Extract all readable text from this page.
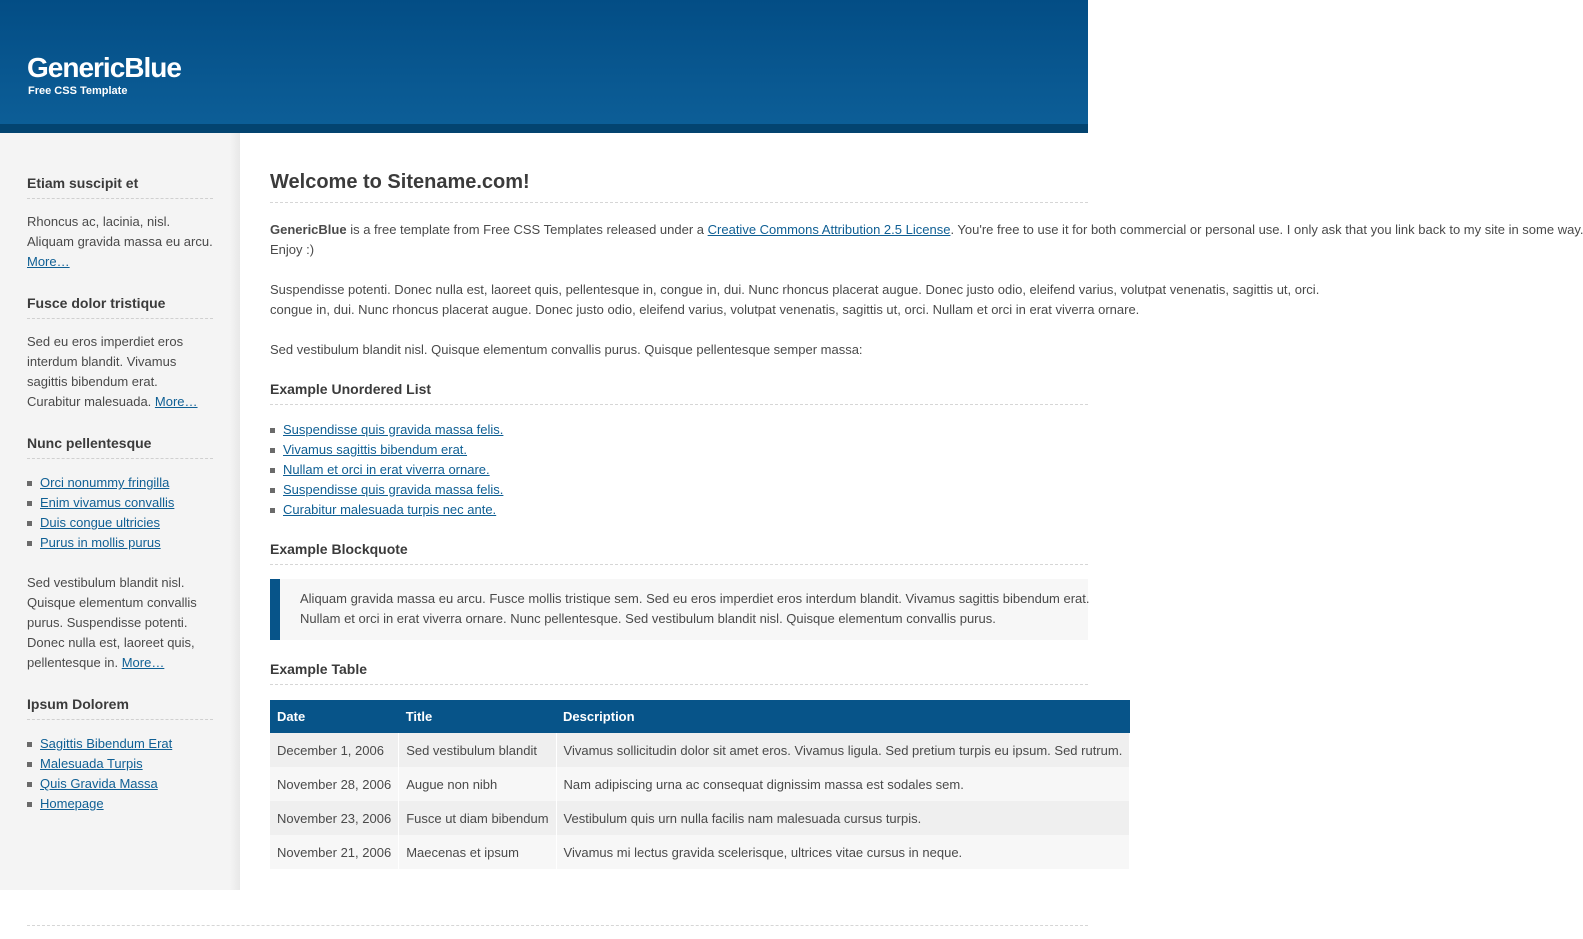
GenericBlue
Free CSS Template
Etiam suscipit et

Rhoncus ac, lacinia, nisl. Aliquam gravida massa eu arcu. More…

Fusce dolor tristique

Sed eu eros imperdiet eros interdum blandit. Vivamus sagittis bibendum erat. Curabitur malesuada. More…

Nunc pellentesque
Orci nonummy fringilla
Enim vivamus convallis
Duis congue ultricies
Purus in mollis purus

Sed vestibulum blandit nisl. Quisque elementum convallis purus. Suspendisse potenti. Donec nulla est, laoreet quis, pellentesque in. More…

Ipsum Dolorem
Sagittis Bibendum Erat
Malesuada Turpis
Quis Gravida Massa
Homepage
Welcome to Sitename.com!

GenericBlue is a free template from Free CSS Templates released under a Creative Commons Attribution 2.5 License. You're free to use it for both commercial or personal use. I only ask that you link back to my site in some way.
Enjoy :)

Suspendisse potenti. Donec nulla est, laoreet quis, pellentesque in, congue in, dui. Nunc rhoncus placerat augue. Donec justo odio, eleifend varius, volutpat venenatis, sagittis ut, orci.
congue in, dui. Nunc rhoncus placerat augue. Donec justo odio, eleifend varius, volutpat venenatis, sagittis ut, orci. Nullam et orci in erat viverra ornare.

Sed vestibulum blandit nisl. Quisque elementum convallis purus. Quisque pellentesque semper massa:

Example Unordered List
Suspendisse quis gravida massa felis.
Vivamus sagittis bibendum erat.
Nullam et orci in erat viverra ornare.
Suspendisse quis gravida massa felis.
Curabitur malesuada turpis nec ante.
Example Blockquote

Aliquam gravida massa eu arcu. Fusce mollis tristique sem. Sed eu eros imperdiet eros interdum blandit. Vivamus sagittis bibendum erat.
Nullam et orci in erat viverra ornare. Nunc pellentesque. Sed vestibulum blandit nisl. Quisque elementum convallis purus.

Example Table
Date	Title	Description
December 1, 2006	Sed vestibulum blandit	Vivamus sollicitudin dolor sit amet eros. Vivamus ligula. Sed pretium turpis eu ipsum. Sed rutrum.
November 28, 2006	Augue non nibh	Nam adipiscing urna ac consequat dignissim massa est sodales sem.
November 23, 2006	Fusce ut diam bibendum	Vestibulum quis urn nulla facilis nam malesuada cursus turpis.
November 21, 2006	Maecenas et ipsum	Vivamus mi lectus gravida scelerisque, ultrices vitae cursus in neque.
